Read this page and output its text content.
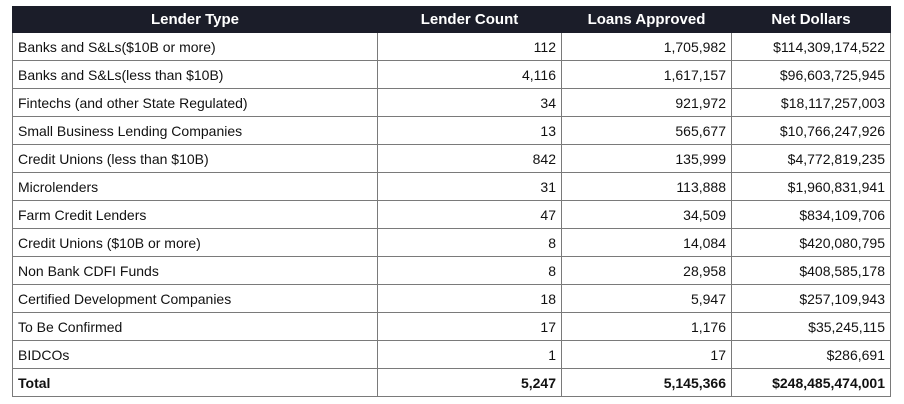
Lender Type	Lender Count	Loans Approved	Net Dollars
Banks and S&Ls($10B or more)	112	1,705,982	$114,309,174,522
Banks and S&Ls(less than $10B)	4,116	1,617,157	$96,603,725,945
Fintechs (and other State Regulated)	34	921,972	$18,117,257,003
Small Business Lending Companies	13	565,677	$10,766,247,926
Credit Unions (less than $10B)	842	135,999	$4,772,819,235
Microlenders	31	113,888	$1,960,831,941
Farm Credit Lenders	47	34,509	$834,109,706
Credit Unions ($10B or more)	8	14,084	$420,080,795
Non Bank CDFI Funds	8	28,958	$408,585,178
Certified Development Companies	18	5,947	$257,109,943
To Be Confirmed	17	1,176	$35,245,115
BIDCOs	1	17	$286,691
Total	5,247	5,145,366	$248,485,474,001
